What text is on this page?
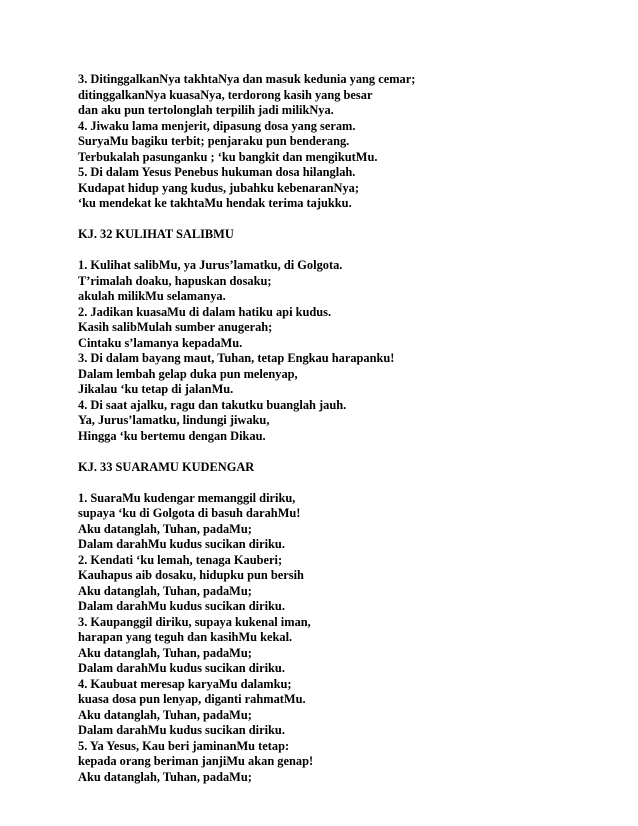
3. DitinggalkanNya takhtaNya dan masuk kedunia yang cemar;
ditinggalkanNya kuasaNya, terdorong kasih yang besar
dan aku pun tertolonglah terpilih jadi milikNya.
4. Jiwaku lama menjerit, dipasung dosa yang seram.
SuryaMu bagiku terbit; penjaraku pun benderang.
Terbukalah pasunganku ; ‘ku bangkit dan mengikutMu.
5. Di dalam Yesus Penebus hukuman dosa hilanglah.
Kudapat hidup yang kudus, jubahku kebenaranNya;
‘ku mendekat ke takhtaMu hendak terima tajukku.
KJ. 32 KULIHAT SALIBMU
1. Kulihat salibMu, ya Jurus’lamatku, di Golgota.
T’rimalah doaku, hapuskan dosaku;
akulah milikMu selamanya.
2. Jadikan kuasaMu di dalam hatiku api kudus.
Kasih salibMulah sumber anugerah;
Cintaku s’lamanya kepadaMu.
3. Di dalam bayang maut, Tuhan, tetap Engkau harapanku!
Dalam lembah gelap duka pun melenyap,
Jikalau ‘ku tetap di jalanMu.
4. Di saat ajalku, ragu dan takutku buanglah jauh.
Ya, Jurus’lamatku, lindungi jiwaku,
Hingga ‘ku bertemu dengan Dikau.
KJ. 33 SUARAMU KUDENGAR
1. SuaraMu kudengar memanggil diriku,
supaya ‘ku di Golgota di basuh darahMu!
Aku datanglah, Tuhan, padaMu;
Dalam darahMu kudus sucikan diriku.
2. Kendati ‘ku lemah, tenaga Kauberi;
Kauhapus aib dosaku, hidupku pun bersih
Aku datanglah, Tuhan, padaMu;
Dalam darahMu kudus sucikan diriku.
3. Kaupanggil diriku, supaya kukenal iman,
harapan yang teguh dan kasihMu kekal.
Aku datanglah, Tuhan, padaMu;
Dalam darahMu kudus sucikan diriku.
4. Kaubuat meresap karyaMu dalamku;
kuasa dosa pun lenyap, diganti rahmatMu.
Aku datanglah, Tuhan, padaMu;
Dalam darahMu kudus sucikan diriku.
5. Ya Yesus, Kau beri jaminanMu tetap:
kepada orang beriman janjiMu akan genap!
Aku datanglah, Tuhan, padaMu;
